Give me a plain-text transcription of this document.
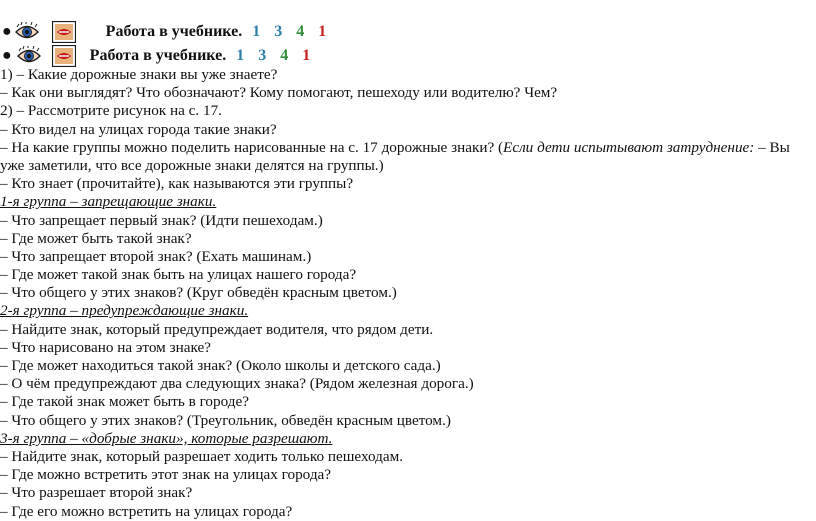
●	Работа в учебнике. 1 3 4 1
●	Работа в учебнике. 1 3 4 1
1) – Какие дорожные знаки вы уже знаете?
– Как они выглядят? Что обозначают? Кому помогают, пешеходу или водителю? Чем?
2) – Рассмотрите рисунок на с. 17.
– Кто видел на улицах города такие знаки?
– На какие группы можно поделить нарисованные на с. 17 дорожные знаки? (Если дети испытывают затруднение: – Вы
уже заметили, что все дорожные знаки делятся на группы.)
– Кто знает (прочитайте), как называются эти группы?
1-я группа – запрещающие знаки.
– Что запрещает первый знак? (Идти пешеходам.)
– Где может быть такой знак?
– Что запрещает второй знак? (Ехать машинам.)
– Где может такой знак быть на улицах нашего города?
– Что общего у этих знаков? (Круг обведён красным цветом.)
2-я группа – предупреждающие знаки.
– Найдите знак, который предупреждает водителя, что рядом дети.
– Что нарисовано на этом знаке?
– Где может находиться такой знак? (Около школы и детского сада.)
– О чём предупреждают два следующих знака? (Рядом железная дорога.)
– Где такой знак может быть в городе?
– Что общего у этих знаков? (Треугольник, обведён красным цветом.)
3-я группа – «добрые знаки», которые разрешают.
– Найдите знак, который разрешает ходить только пешеходам.
– Где можно встретить этот знак на улицах города?
– Что разрешает второй знак?
– Где его можно встретить на улицах города?
